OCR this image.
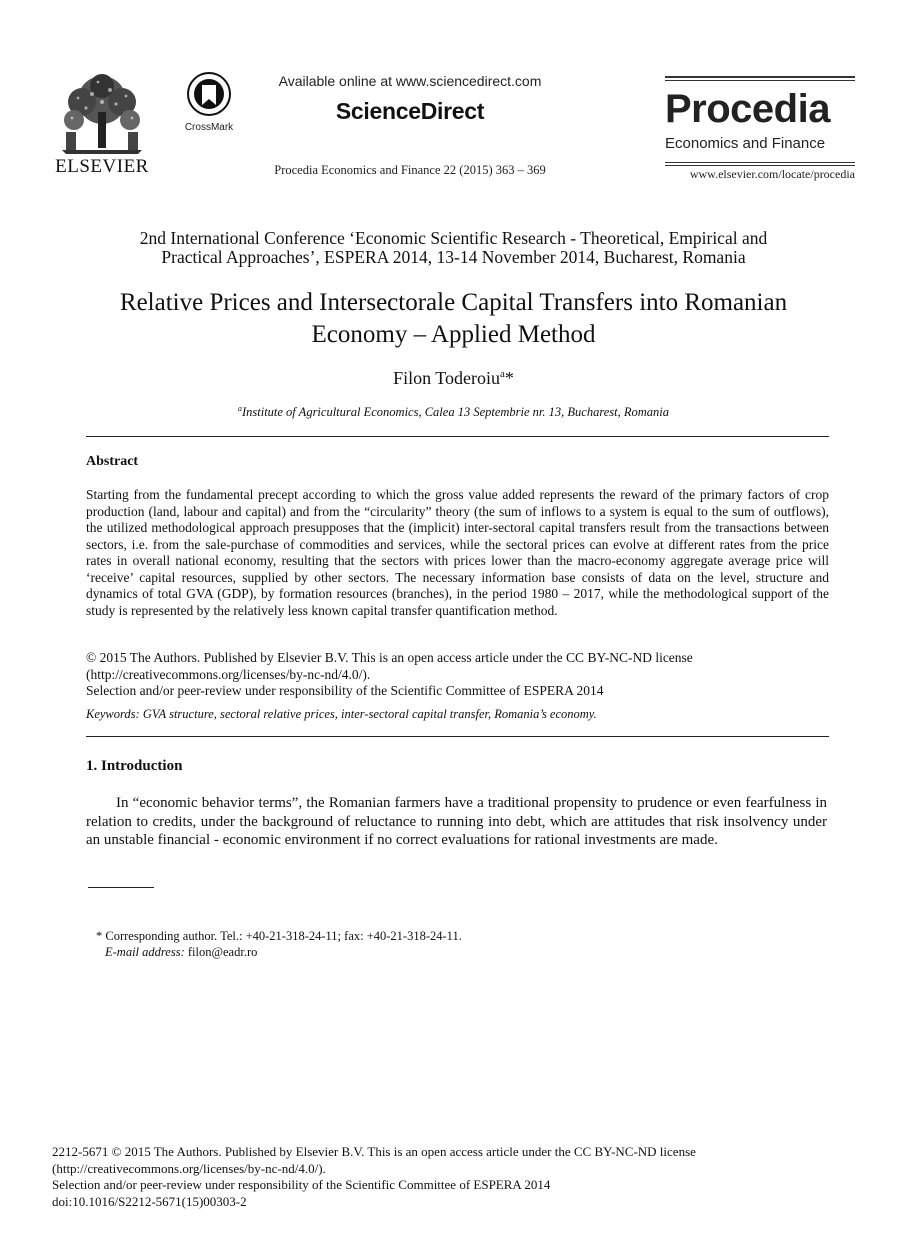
ELSEVIER
CrossMark
Available online at www.sciencedirect.com
ScienceDirect
Procedia Economics and Finance 22 (2015) 363 – 369
Procedia
Economics and Finance
www.elsevier.com/locate/procedia
2nd International Conference ‘Economic Scientific Research - Theoretical, Empirical and
Practical Approaches’, ESPERA 2014, 13-14 November 2014, Bucharest, Romania
Relative Prices and Intersectorale Capital Transfers into Romanian
Economy – Applied Method
Filon Toderoiu$^a$*
$^a$Institute of Agricultural Economics, Calea 13 Septembrie nr. 13, Bucharest, Romania
Abstract
Starting from the fundamental precept according to which the gross value added represents the reward of the primary factors of crop production (land, labour and capital) and from the “circularity” theory (the sum of inflows to a system is equal to the sum of outflows), the utilized methodological approach presupposes that the (implicit) inter-sectoral capital transfers result from the transactions between sectors, i.e. from the sale-purchase of commodities and services, while the sectoral prices can evolve at different rates from the price rates in overall national economy, resulting that the sectors with prices lower than the macro-economy aggregate average price will ‘receive’ capital resources, supplied by other sectors. The necessary information base consists of data on the level, structure and dynamics of total GVA (GDP), by formation resources (branches), in the period 1980 – 2017, while the methodological support of the study is represented by the relatively less known capital transfer quantification method.
© 2015 The Authors. Published by Elsevier B.V. This is an open access article under the CC BY-NC-ND license
(http://creativecommons.org/licenses/by-nc-nd/4.0/).
Selection and/or peer-review under responsibility of the Scientific Committee of ESPERA 2014
Keywords: GVA structure, sectoral relative prices, inter-sectoral capital transfer, Romania’s economy.
1. Introduction
In “economic behavior terms”, the Romanian farmers have a traditional propensity to prudence or even fearfulness in relation to credits, under the background of reluctance to running into debt, which are attitudes that risk insolvency under an unstable financial - economic environment if no correct evaluations for rational investments are made.
* Corresponding author. Tel.: +40-21-318-24-11; fax: +40-21-318-24-11.
E-mail address: filon@eadr.ro
2212-5671 © 2015 The Authors. Published by Elsevier B.V. This is an open access article under the CC BY-NC-ND license
(http://creativecommons.org/licenses/by-nc-nd/4.0/).
Selection and/or peer-review under responsibility of the Scientific Committee of ESPERA 2014
doi:10.1016/S2212-5671(15)00303-2
